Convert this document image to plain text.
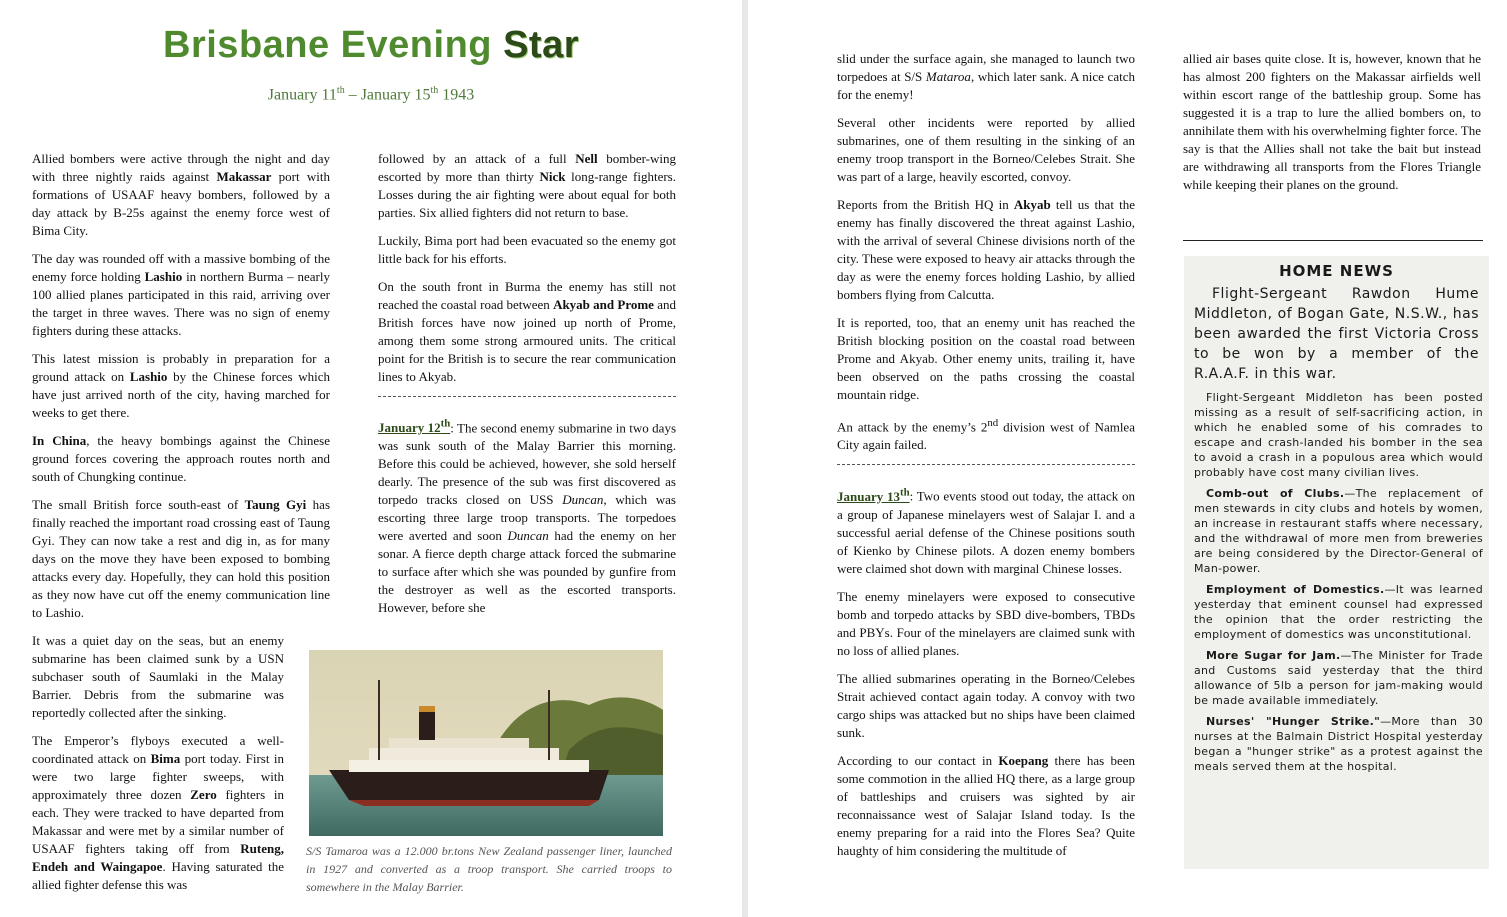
Brisbane Evening Star
January 11th – January 15th 1943

Allied bombers were active through the night and day with three nightly raids against Makassar port with formations of USAAF heavy bombers, followed by a day attack by B-25s against the enemy force west of Bima City.

The day was rounded off with a massive bombing of the enemy force holding Lashio in northern Burma – nearly 100 allied planes participated in this raid, arriving over the target in three waves. There was no sign of enemy fighters during these attacks.

This latest mission is probably in preparation for a ground attack on Lashio by the Chinese forces which have just arrived north of the city, having marched for weeks to get there.

In China, the heavy bombings against the Chinese ground forces covering the approach routes north and south of Chungking continue.

The small British force south-east of Taung Gyi has finally reached the important road crossing east of Taung Gyi. They can now take a rest and dig in, as for many days on the move they have been exposed to bombing attacks every day. Hopefully, they can hold this position as they now have cut off the enemy communication line to Lashio.

It was a quiet day on the seas, but an enemy submarine has been claimed sunk by a USN subchaser south of Saumlaki in the Malay Barrier. Debris from the submarine was reportedly collected after the sinking.

The Emperor’s flyboys executed a well-coordinated attack on Bima port today. First in were two large fighter sweeps, with approximately three dozen Zero fighters in each. They were tracked to have departed from Makassar and were met by a similar number of USAAF fighters taking off from Ruteng, Endeh and Waingapoe. Having saturated the allied fighter defense this was

followed by an attack of a full Nell bomber-wing escorted by more than thirty Nick long-range fighters. Losses during the air fighting were about equal for both parties. Six allied fighters did not return to base.

Luckily, Bima port had been evacuated so the enemy got little back for his efforts.

On the south front in Burma the enemy has still not reached the coastal road between Akyab and Prome and British forces have now joined up north of Prome, among them some strong armoured units. The critical point for the British is to secure the rear communication lines to Akyab.

January 12th: The second enemy submarine in two days was sunk south of the Malay Barrier this morning. Before this could be achieved, however, she sold herself dearly. The presence of the sub was first discovered as torpedo tracks closed on USS Duncan, which was escorting three large troop transports. The torpedoes were averted and soon Duncan had the enemy on her sonar. A fierce depth charge attack forced the submarine to surface after which she was pounded by gunfire from the destroyer as well as the escorted transports. However, before she

S/S Tamaroa was a 12.000 br.tons New Zealand passenger liner, launched in 1927 and converted as a troop transport. She carried troops to somewhere in the Malay Barrier.

slid under the surface again, she managed to launch two torpedoes at S/S Mataroa, which later sank. A nice catch for the enemy!

Several other incidents were reported by allied submarines, one of them resulting in the sinking of an enemy troop transport in the Borneo/Celebes Strait. She was part of a large, heavily escorted, convoy.

Reports from the British HQ in Akyab tell us that the enemy has finally discovered the threat against Lashio, with the arrival of several Chinese divisions north of the city. These were exposed to heavy air attacks through the day as were the enemy forces holding Lashio, by allied bombers flying from Calcutta.

It is reported, too, that an enemy unit has reached the British blocking position on the coastal road between Prome and Akyab. Other enemy units, trailing it, have been observed on the paths crossing the coastal mountain ridge.

An attack by the enemy’s 2nd division west of Namlea City again failed.

January 13th: Two events stood out today, the attack on a group of Japanese minelayers west of Salajar I. and a successful aerial defense of the Chinese positions south of Kienko by Chinese pilots. A dozen enemy bombers were claimed shot down with marginal Chinese losses.

The enemy minelayers were exposed to consecutive bomb and torpedo attacks by SBD dive-bombers, TBDs and PBYs. Four of the minelayers are claimed sunk with no loss of allied planes.

The allied submarines operating in the Borneo/Celebes Strait achieved contact again today. A convoy with two cargo ships was attacked but no ships have been claimed sunk.

According to our contact in Koepang there has been some commotion in the allied HQ there, as a large group of battleships and cruisers was sighted by air reconnaissance west of Salajar Island today. Is the enemy preparing for a raid into the Flores Sea? Quite haughty of him considering the multitude of

allied air bases quite close. It is, however, known that he has almost 200 fighters on the Makassar airfields well within escort range of the battleship group. Some has suggested it is a trap to lure the allied bombers on, to annihilate them with his overwhelming fighter force. The say is that the Allies shall not take the bait but instead are withdrawing all transports from the Flores Triangle while keeping their planes on the ground.

HOME NEWS
Flight-Sergeant Rawdon Hume Middleton, of Bogan Gate, N.S.W., has been awarded the first Victoria Cross to be won by a member of the R.A.A.F. in this war.
Flight-Sergeant Middleton has been posted missing as a result of self-sacrificing action, in which he enabled some of his comrades to escape and crash-landed his bomber in the sea to avoid a crash in a populous area which would probably have cost many civilian lives.
Comb-out of Clubs.—The replacement of men stewards in city clubs and hotels by women, an increase in restaurant staffs where necessary, and the withdrawal of more men from breweries are being considered by the Director-General of Man-power.
Employment of Domestics.—It was learned yesterday that eminent counsel had expressed the opinion that the order restricting the employment of domestics was unconstitutional.
More Sugar for Jam.—The Minister for Trade and Customs said yesterday that the third allowance of 5lb a person for jam-making would be made available immediately.
Nurses' "Hunger Strike."—More than 30 nurses at the Balmain District Hospital yesterday began a "hunger strike" as a protest against the meals served them at the hospital.
